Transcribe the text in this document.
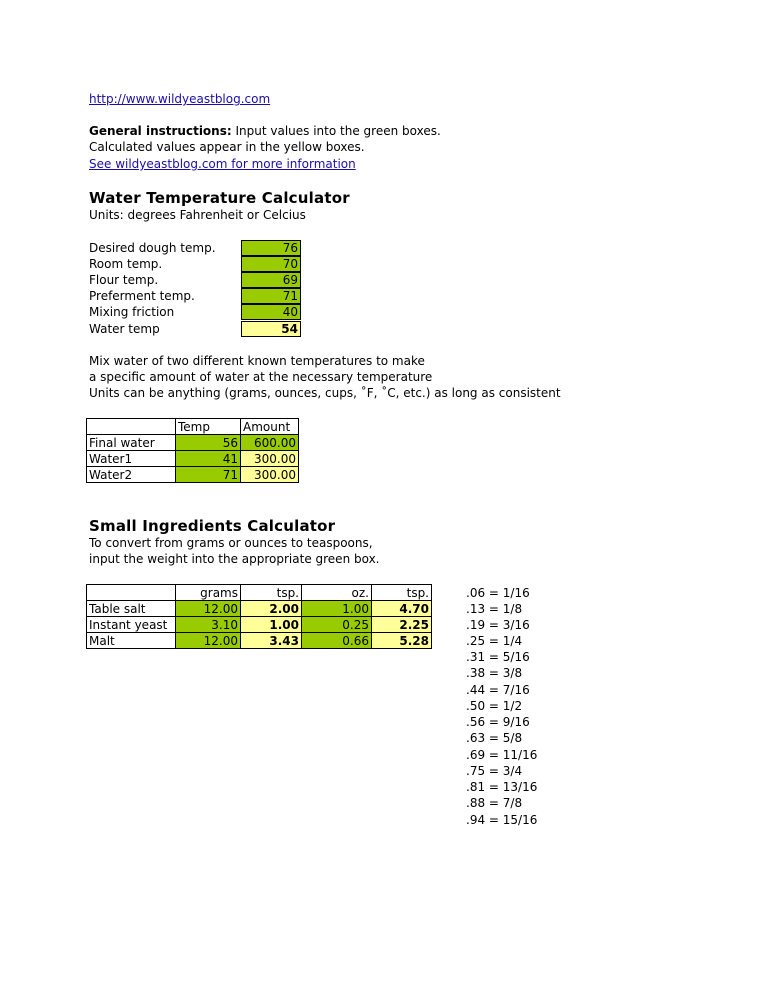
http://www.wildyeastblog.com
General instructions: Input values into the green boxes.
Calculated values appear in the yellow boxes.
See wildyeastblog.com for more information
Water Temperature Calculator
Units: degrees Fahrenheit or Celcius
Desired dough temp.	76
Room temp.	70
Flour temp.	69
Preferment temp.	71
Mixing friction	40
Water temp	54
Mix water of two different known temperatures to make
a specific amount of water at the necessary temperature
Units can be anything (grams, ounces, cups, ˚F, ˚C, etc.) as long as consistent
	Temp	Amount
Final water	56	600.00
Water1	41	300.00
Water2	71	300.00
Small Ingredients Calculator
To convert from grams or ounces to teaspoons,
input the weight into the appropriate green box.
	grams	tsp.	oz.	tsp.
Table salt	12.00	2.00	1.00	4.70
Instant yeast	3.10	1.00	0.25	2.25
Malt	12.00	3.43	0.66	5.28
.06 = 1/16
.13 = 1/8
.19 = 3/16
.25 = 1/4
.31 = 5/16
.38 = 3/8
.44 = 7/16
.50 = 1/2
.56 = 9/16
.63 = 5/8
.69 = 11/16
.75 = 3/4
.81 = 13/16
.88 = 7/8
.94 = 15/16
